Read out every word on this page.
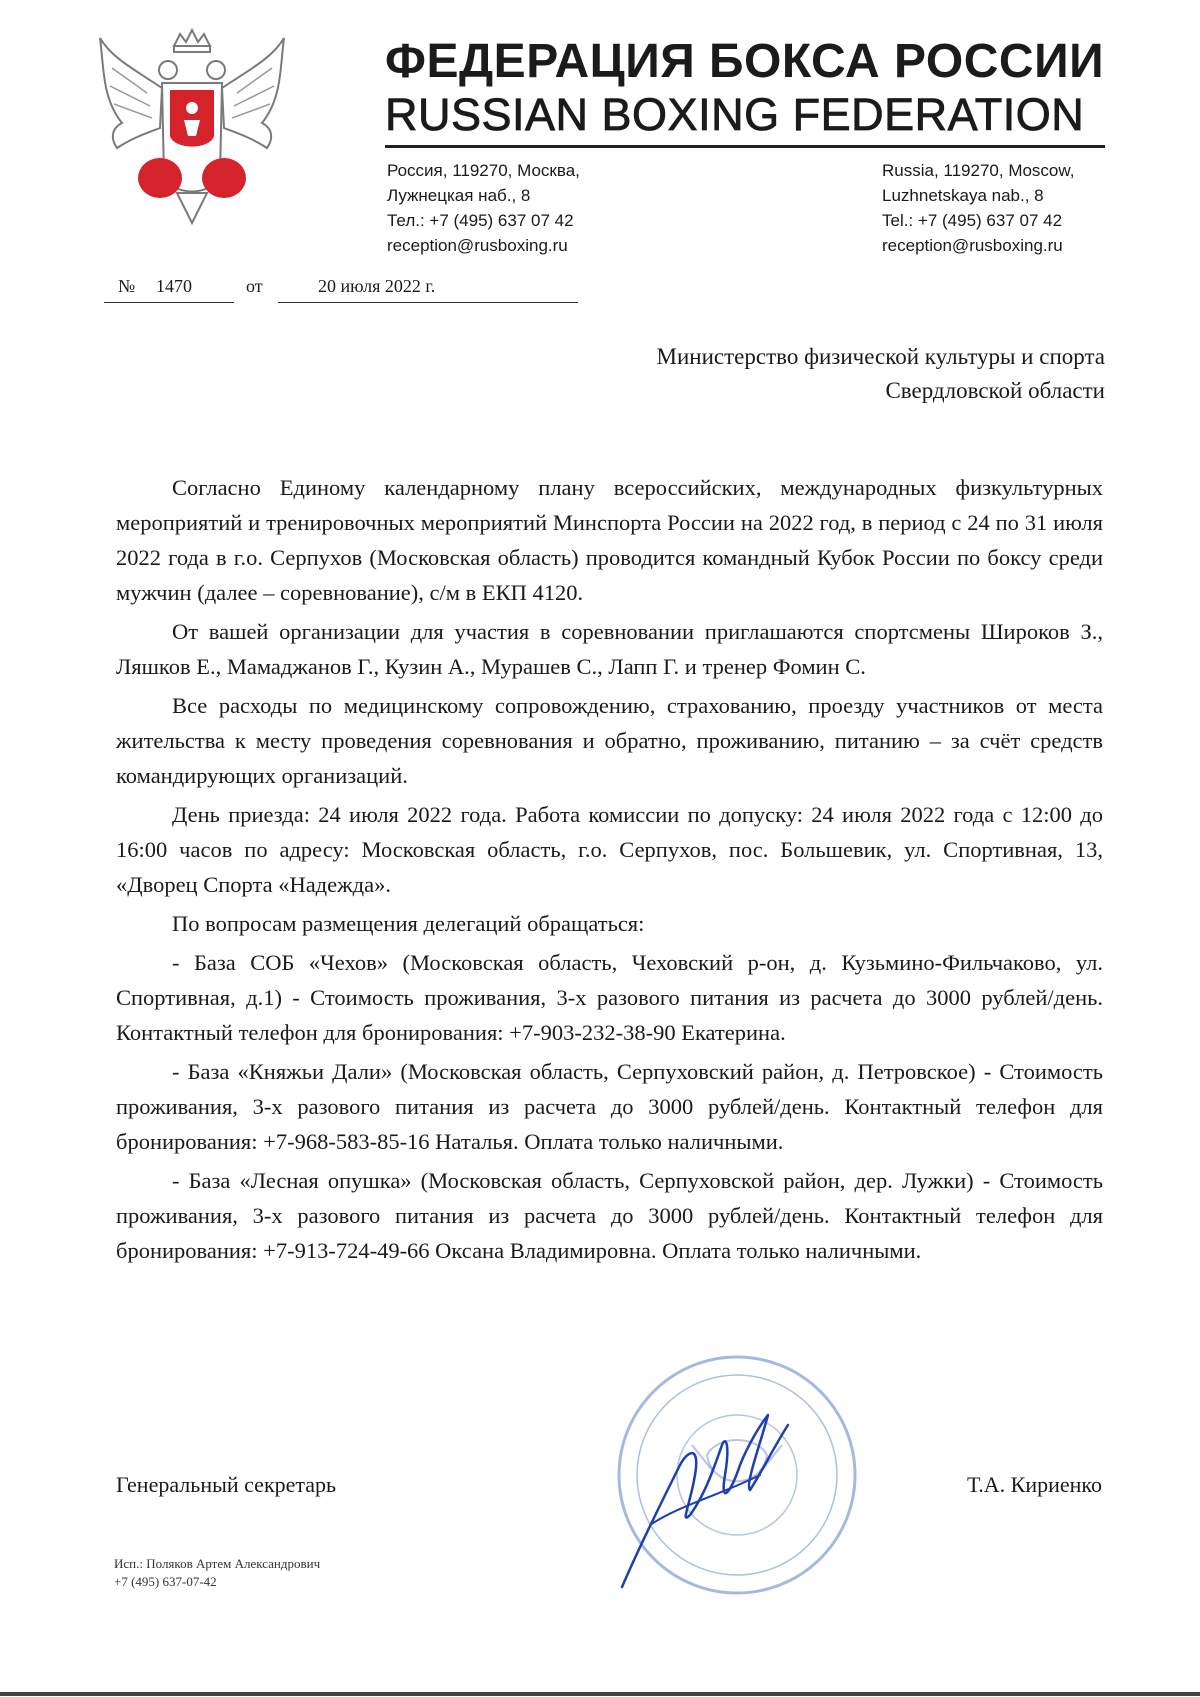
ФЕДЕРАЦИЯ БОКСА РОССИИ
RUSSIAN BOXING FEDERATION
Россия, 119270, Москва,
Лужнецкая наб., 8
Тел.: +7 (495) 637 07 42
reception@rusboxing.ru
Russia, 119270, Moscow,
Luzhnetskaya nab., 8
Tel.: +7 (495) 637 07 42
reception@rusboxing.ru
№ 1470	от	20 июля 2022 г.
Министерство физической культуры и спорта
Свердловской области

Согласно Единому календарному плану всероссийских, международных физкультурных мероприятий и тренировочных мероприятий Минспорта России на 2022 год, в период с 24 по 31 июля 2022 года в г.о. Серпухов (Московская область) проводится командный Кубок России по боксу среди мужчин (далее – соревнование), с/м в ЕКП 4120.

От вашей организации для участия в соревновании приглашаются спортсмены Широков З., Ляшков Е., Мамаджанов Г., Кузин А., Мурашев С., Лапп Г. и тренер Фомин С.

Все расходы по медицинскому сопровождению, страхованию, проезду участников от места жительства к месту проведения соревнования и обратно, проживанию, питанию – за счёт средств командирующих организаций.

День приезда: 24 июля 2022 года. Работа комиссии по допуску: 24 июля 2022 года с 12:00 до 16:00 часов по адресу: Московская область, г.о. Серпухов, пос. Большевик, ул. Спортивная, 13, «Дворец Спорта «Надежда».

По вопросам размещения делегаций обращаться:

- База СОБ «Чехов» (Московская область, Чеховский р-он, д. Кузьмино-Фильчаково, ул. Спортивная, д.1) - Стоимость проживания, 3-х разового питания из расчета до 3000 рублей/день. Контактный телефон для бронирования: +7-903-232-38-90 Екатерина.

- База «Княжьи Дали» (Московская область, Серпуховский район, д. Петровское) - Стоимость проживания, 3-х разового питания из расчета до 3000 рублей/день. Контактный телефон для бронирования: +7-968-583-85-16 Наталья. Оплата только наличными.

- База «Лесная опушка» (Московская область, Серпуховской район, дер. Лужки) - Стоимость проживания, 3-х разового питания из расчета до 3000 рублей/день. Контактный телефон для бронирования: +7-913-724-49-66 Оксана Владимировна. Оплата только наличными.

Генеральный секретарь	Т.А. Кириенко
Исп.: Поляков Артем Александрович
+7 (495) 637-07-42
